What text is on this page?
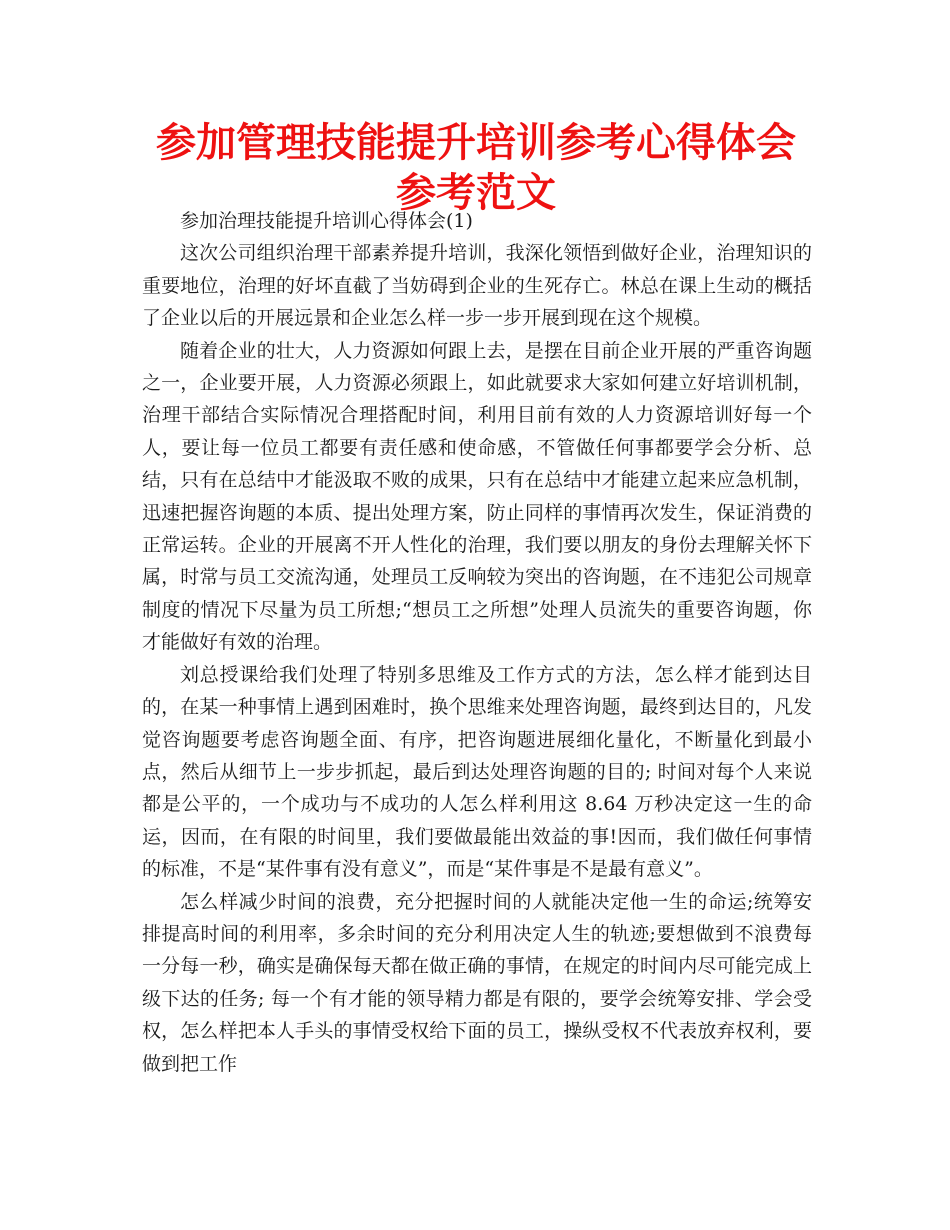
参加管理技能提升培训参考心得体会参考范文

参加治理技能提升培训心得体会(1)

这次公司组织治理干部素养提升培训，我深化领悟到做好企业，治理知识的重要地位，治理的好坏直截了当妨碍到企业的生死存亡。林总在课上生动的概括了企业以后的开展远景和企业怎么样一步一步开展到现在这个规模。

随着企业的壮大，人力资源如何跟上去，是摆在目前企业开展的严重咨询题之一，企业要开展，人力资源必须跟上，如此就要求大家如何建立好培训机制，治理干部结合实际情况合理搭配时间，利用目前有效的人力资源培训好每一个人，要让每一位员工都要有责任感和使命感，不管做任何事都要学会分析、总结，只有在总结中才能汲取不败的成果，只有在总结中才能建立起来应急机制，迅速把握咨询题的本质、提出处理方案，防止同样的事情再次发生，保证消费的正常运转。企业的开展离不开人性化的治理，我们要以朋友的身份去理解关怀下属，时常与员工交流沟通，处理员工反响较为突出的咨询题，在不违犯公司规章制度的情况下尽量为员工所想;“想员工之所想”处理人员流失的重要咨询题，你才能做好有效的治理。

刘总授课给我们处理了特别多思维及工作方式的方法，怎么样才能到达目的，在某一种事情上遇到困难时，换个思维来处理咨询题，最终到达目的，凡发觉咨询题要考虑咨询题全面、有序，把咨询题进展细化量化，不断量化到最小点，然后从细节上一步步抓起，最后到达处理咨询题的目的; 时间对每个人来说都是公平的，一个成功与不成功的人怎么样利用这 8.64 万秒决定这一生的命运，因而，在有限的时间里，我们要做最能出效益的事!因而，我们做任何事情的标准，不是“某件事有没有意义”，而是“某件事是不是最有意义”。

怎么样减少时间的浪费，充分把握时间的人就能决定他一生的命运;统筹安排提高时间的利用率，多余时间的充分利用决定人生的轨迹;要想做到不浪费每一分每一秒，确实是确保每天都在做正确的事情，在规定的时间内尽可能完成上级下达的任务; 每一个有才能的领导精力都是有限的，要学会统筹安排、学会受权，怎么样把本人手头的事情受权给下面的员工，操纵受权不代表放弃权利，要做到把工作
